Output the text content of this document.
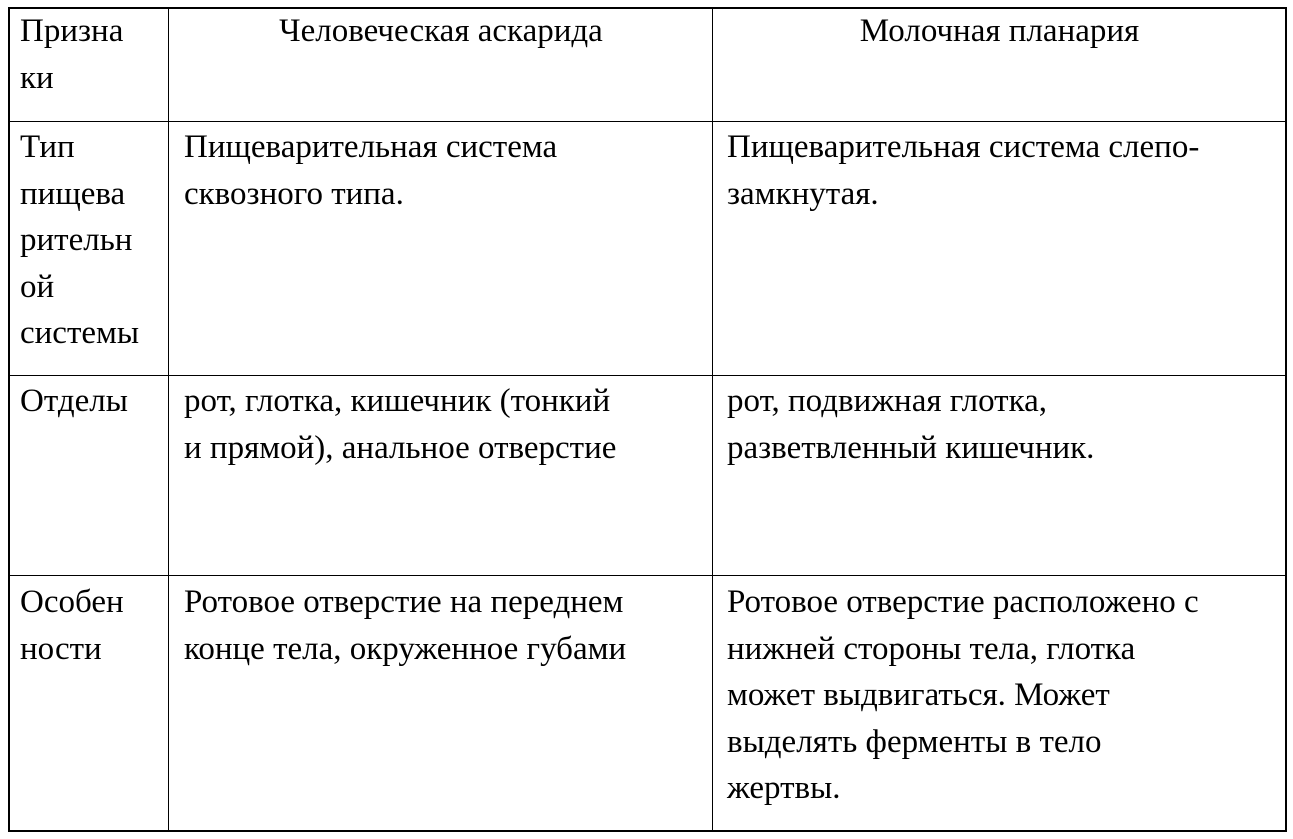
Призна
ки
Человеческая аскарида	Молочная планария
Тип
пищева
рительн
ой
системы
Пищеварительная система
сквозного типа.
Пищеварительная система слепо-
замкнутая.
Отделы	рот, глотка, кишечник (тонкий
и прямой), анальное отверстие
рот, подвижная глотка,
разветвленный кишечник.
Особен
ности
Ротовое отверстие на переднем
конце тела, окруженное губами
Ротовое отверстие расположено с
нижней стороны тела, глотка
может выдвигаться. Может
выделять ферменты в тело
жертвы.
